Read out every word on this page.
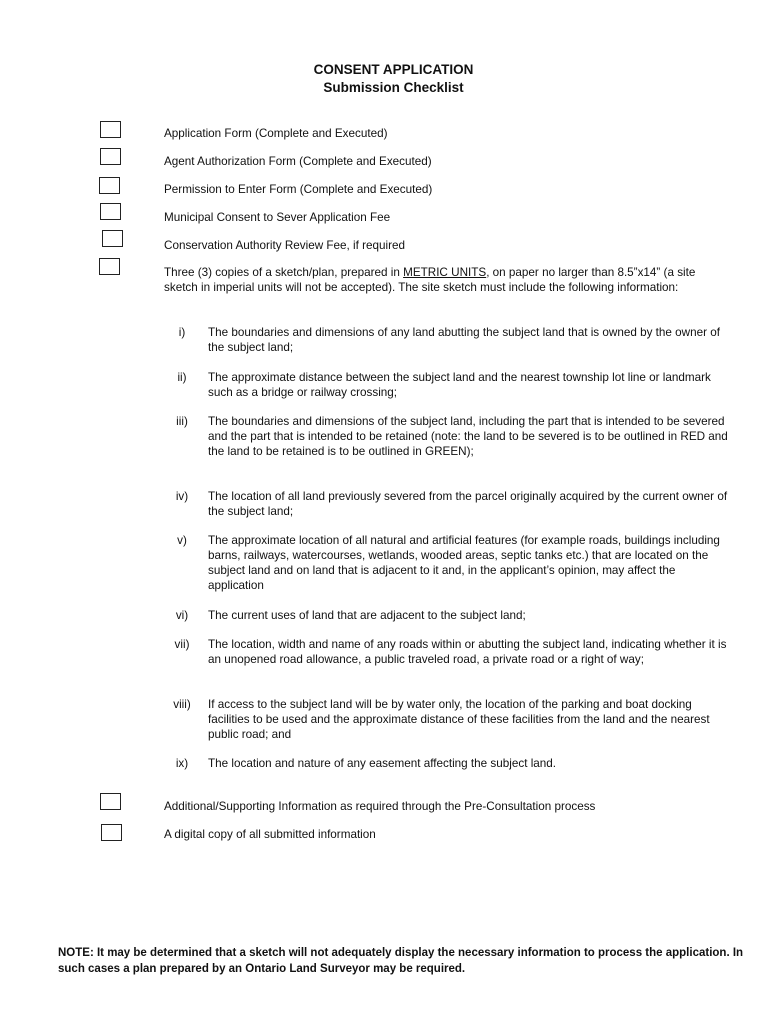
CONSENT APPLICATION
Submission Checklist
Application Form (Complete and Executed)
Agent Authorization Form (Complete and Executed)
Permission to Enter Form (Complete and Executed)
Municipal Consent to Sever Application Fee
Conservation Authority Review Fee, if required
Three (3) copies of a sketch/plan, prepared in METRIC UNITS, on paper no larger than 8.5”x14” (a site sketch in imperial units will not be accepted). The site sketch must include the following information:
i)	The boundaries and dimensions of any land abutting the subject land that is owned by the owner of the subject land;
ii)	The approximate distance between the subject land and the nearest township lot line or landmark such as a bridge or railway crossing;
iii)	The boundaries and dimensions of the subject land, including the part that is intended to be severed and the part that is intended to be retained (note: the land to be severed is to be outlined in RED and the land to be retained is to be outlined in GREEN);
iv)	The location of all land previously severed from the parcel originally acquired by the current owner of the subject land;
v)	The approximate location of all natural and artificial features (for example roads, buildings including barns, railways, watercourses, wetlands, wooded areas, septic tanks etc.) that are located on the subject land and on land that is adjacent to it and, in the applicant’s opinion, may affect the application
vi)	The current uses of land that are adjacent to the subject land;
vii)	The location, width and name of any roads within or abutting the subject land, indicating whether it is an unopened road allowance, a public traveled road, a private road or a right of way;
viii)	If access to the subject land will be by water only, the location of the parking and boat docking facilities to be used and the approximate distance of these facilities from the land and the nearest public road; and
ix)	The location and nature of any easement affecting the subject land.
Additional/Supporting Information as required through the Pre-Consultation process
A digital copy of all submitted information
NOTE: It may be determined that a sketch will not adequately display the necessary information to process the application. In such cases a plan prepared by an Ontario Land Surveyor may be required.
